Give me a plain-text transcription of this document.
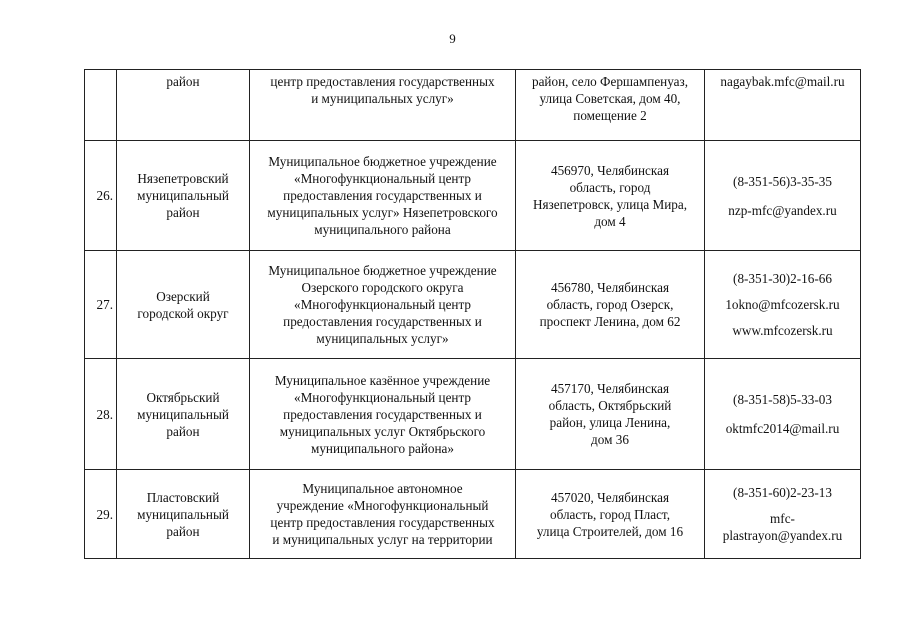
9

	район	центр предоставления государственных
и муниципальных услуг»	район, село Фершампенуаз,
улица Советская, дом 40,
помещение 2	nagaybak.mfc@mail.ru

26.	Нязепетровский
муниципальный
район	Муниципальное бюджетное учреждение
«Многофункциональный центр
предоставления государственных и
муниципальных услуг» Нязепетровского
муниципального района	456970, Челябинская
область, город
Нязепетровск, улица Мира,
дом 4	(8-351-56)3-35-35
nzp-mfc@yandex.ru

27.	Озерский
городской округ	Муниципальное бюджетное учреждение
Озерского городского округа
«Многофункциональный центр
предоставления государственных и
муниципальных услуг»	456780, Челябинская
область, город Озерск,
проспект Ленина, дом 62	(8-351-30)2-16-66
1okno@mfcozersk.ru
www.mfcozersk.ru

28.	Октябрьский
муниципальный
район	Муниципальное казённое учреждение
«Многофункциональный центр
предоставления государственных и
муниципальных услуг Октябрьского
муниципального района»	457170, Челябинская
область, Октябрьский
район, улица Ленина,
дом 36	(8-351-58)5-33-03
oktmfc2014@mail.ru

29.	Пластовский
муниципальный
район	Муниципальное автономное
учреждение «Многофункциональный
центр предоставления государственных
и муниципальных услуг на территории	457020, Челябинская
область, город Пласт,
улица Строителей, дом 16	(8-351-60)2-23-13
mfc-
plastrayon@yandex.ru
